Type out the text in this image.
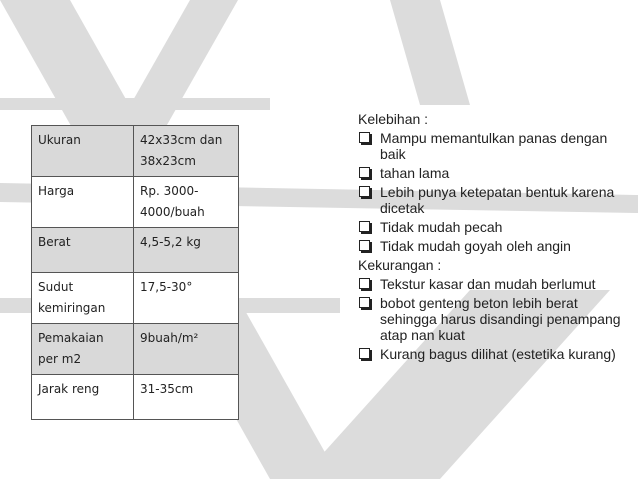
Ukuran	42x33cm dan 38x23cm
Harga	Rp. 3000-4000/buah
Berat	4,5-5,2 kg
Sudut kemiringan	17,5-30°
Pemakaian per m2	9buah/m²
Jarak reng	31-35cm
Kelebihan :
Mampu memantulkan panas dengan baik
tahan lama
Lebih punya ketepatan bentuk karena dicetak
Tidak mudah pecah
Tidak mudah goyah oleh angin
Kekurangan :
Tekstur kasar dan mudah berlumut
bobot genteng beton lebih berat sehingga harus disandingi penampang atap nan kuat
Kurang bagus dilihat (estetika kurang)
